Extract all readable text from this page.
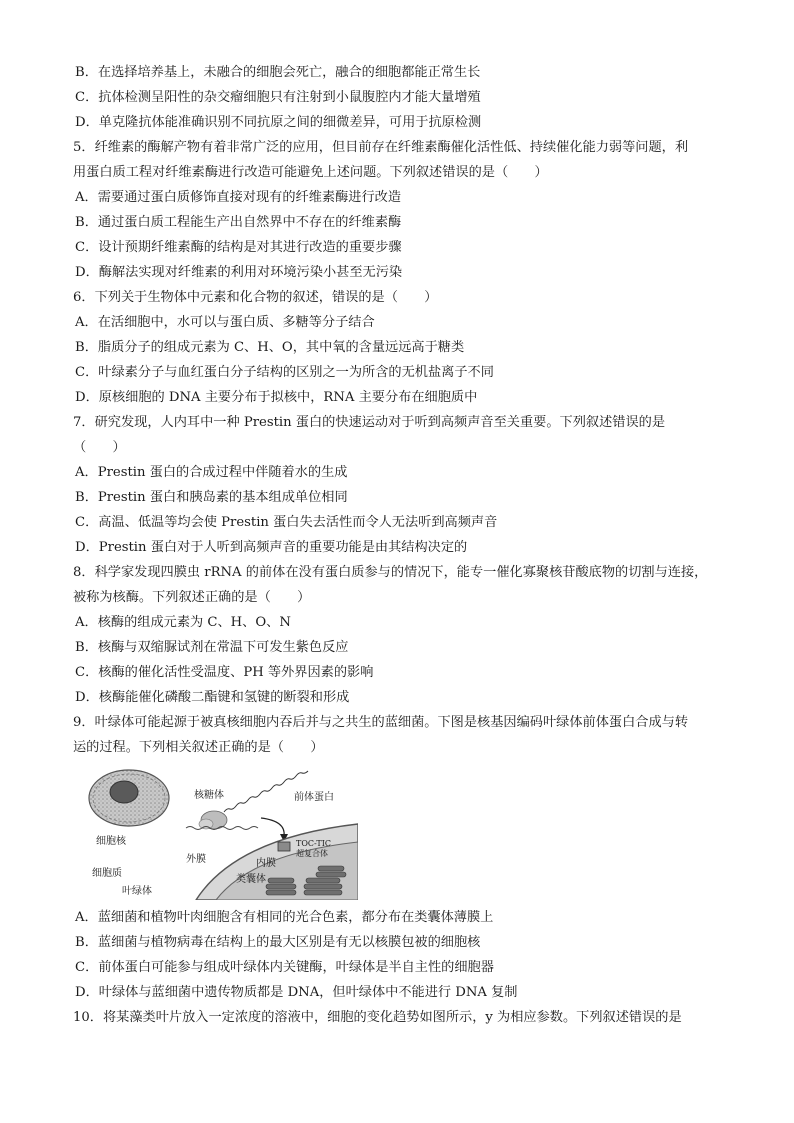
B．在选择培养基上，未融合的细胞会死亡，融合的细胞都能正常生长
C．抗体检测呈阳性的杂交瘤细胞只有注射到小鼠腹腔内才能大量增殖
D．单克隆抗体能准确识别不同抗原之间的细微差异，可用于抗原检测
5．纤维素的酶解产物有着非常广泛的应用，但目前存在纤维素酶催化活性低、持续催化能力弱等问题，利
用蛋白质工程对纤维素酶进行改造可能避免上述问题。下列叙述错误的是（　　）
A．需要通过蛋白质修饰直接对现有的纤维素酶进行改造
B．通过蛋白质工程能生产出自然界中不存在的纤维素酶
C．设计预期纤维素酶的结构是对其进行改造的重要步骤
D．酶解法实现对纤维素的利用对环境污染小甚至无污染
6．下列关于生物体中元素和化合物的叙述，错误的是（　　）
A．在活细胞中，水可以与蛋白质、多糖等分子结合
B．脂质分子的组成元素为 C、H、O，其中氧的含量远远高于糖类
C．叶绿素分子与血红蛋白分子结构的区别之一为所含的无机盐离子不同
D．原核细胞的 DNA 主要分布于拟核中，RNA 主要分布在细胞质中
7．研究发现，人内耳中一种 Prestin 蛋白的快速运动对于听到高频声音至关重要。下列叙述错误的是
（　　）
A．Prestin 蛋白的合成过程中伴随着水的生成
B．Prestin 蛋白和胰岛素的基本组成单位相同
C．高温、低温等均会使 Prestin 蛋白失去活性而令人无法听到高频声音
D．Prestin 蛋白对于人听到高频声音的重要功能是由其结构决定的
8．科学家发现四膜虫 rRNA 的前体在没有蛋白质参与的情况下，能专一催化寡聚核苷酸底物的切割与连接，
被称为核酶。下列叙述正确的是（　　）
A．核酶的组成元素为 C、H、O、N
B．核酶与双缩脲试剂在常温下可发生紫色反应
C．核酶的催化活性受温度、PH 等外界因素的影响
D．核酶能催化磷酸二酯键和氢键的断裂和形成
9．叶绿体可能起源于被真核细胞内吞后并与之共生的蓝细菌。下图是核基因编码叶绿体前体蛋白合成与转
运的过程。下列相关叙述正确的是（　　）
核糖体	前体蛋白
细胞核	TOC-TIC
超复合体
外膜	内膜
细胞质
类囊体
叶绿体
A．蓝细菌和植物叶肉细胞含有相同的光合色素，都分布在类囊体薄膜上
B．蓝细菌与植物病毒在结构上的最大区别是有无以核膜包被的细胞核
C．前体蛋白可能参与组成叶绿体内关键酶，叶绿体是半自主性的细胞器
D．叶绿体与蓝细菌中遗传物质都是 DNA，但叶绿体中不能进行 DNA 复制
10．将某藻类叶片放入一定浓度的溶液中，细胞的变化趋势如图所示，y 为相应参数。下列叙述错误的是
